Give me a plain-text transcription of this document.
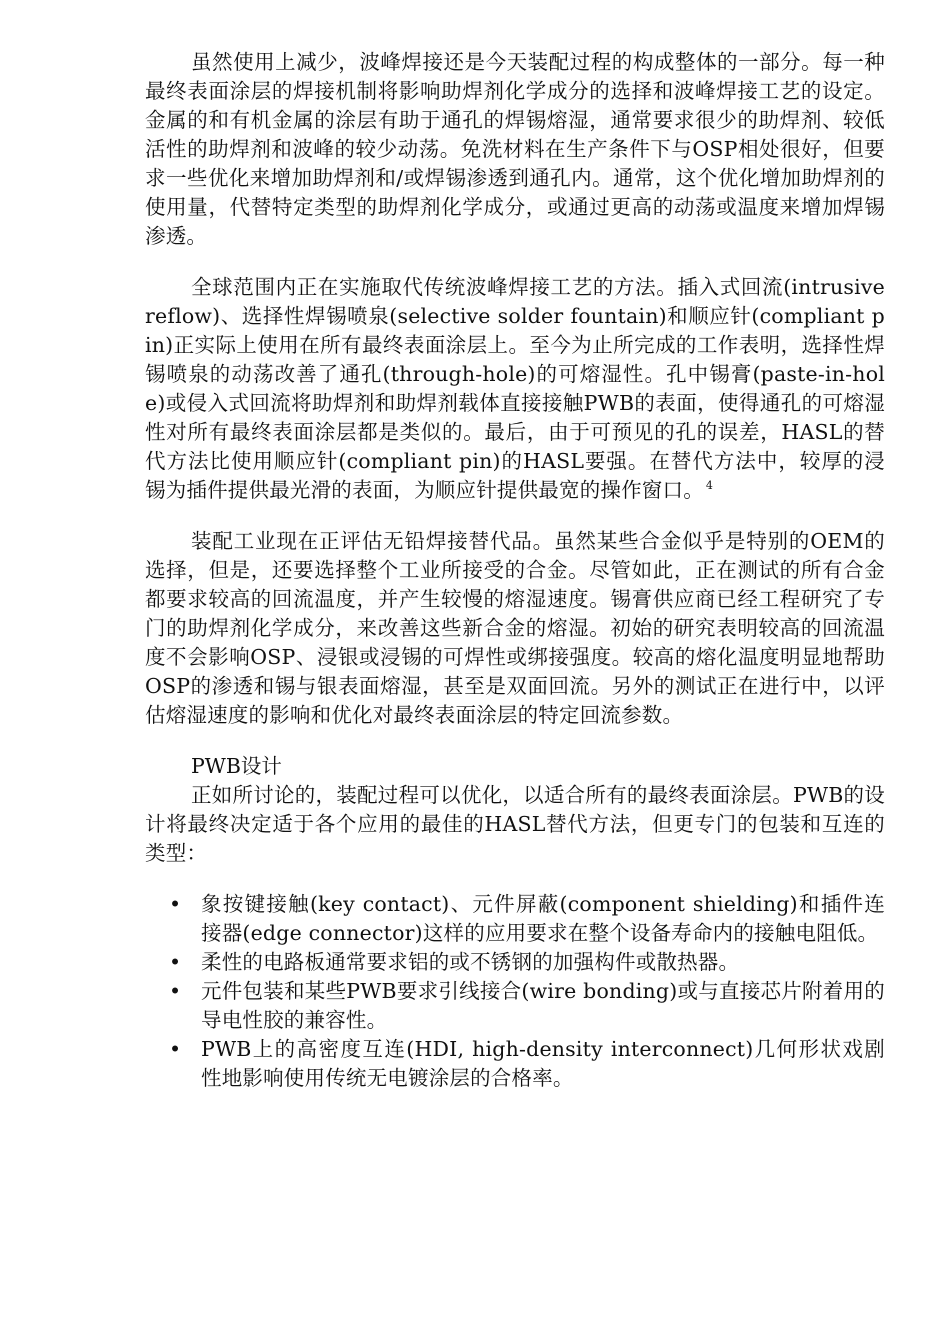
虽然使用上减少，波峰焊接还是今天装配过程的构成整体的一部分。每一种最终表面涂层的焊接机制将影响助焊剂化学成分的选择和波峰焊接工艺的设定。金属的和有机金属的涂层有助于通孔的焊锡熔湿，通常要求很少的助焊剂、较低活性的助焊剂和波峰的较少动荡。免洗材料在生产条件下与OSP相处很好，但要求一些优化来增加助焊剂和/或焊锡渗透到通孔内。通常，这个优化增加助焊剂的使用量，代替特定类型的助焊剂化学成分，或通过更高的动荡或温度来增加焊锡渗透。

全球范围内正在实施取代传统波峰焊接工艺的方法。插入式回流(intrusive reflow)、选择性焊锡喷泉(selective solder fountain)和顺应针(compliant pin)正实际上使用在所有最终表面涂层上。至今为止所完成的工作表明，选择性焊锡喷泉的动荡改善了通孔(through-hole)的可熔湿性。孔中锡膏(paste-in-hole)或侵入式回流将助焊剂和助焊剂载体直接接触PWB的表面，使得通孔的可熔湿性对所有最终表面涂层都是类似的。最后，由于可预见的孔的误差，HASL的替代方法比使用顺应针(compliant pin)的HASL要强。在替代方法中，较厚的浸锡为插件提供最光滑的表面，为顺应针提供最宽的操作窗口。 $^4$

装配工业现在正评估无铅焊接替代品。虽然某些合金似乎是特别的OEM的选择，但是，还要选择整个工业所接受的合金。尽管如此，正在测试的所有合金都要求较高的回流温度，并产生较慢的熔湿速度。锡膏供应商已经工程研究了专门的助焊剂化学成分，来改善这些新合金的熔湿。初始的研究表明较高的回流温度不会影响OSP、浸银或浸锡的可焊性或绑接强度。较高的熔化温度明显地帮助OSP的渗透和锡与银表面熔湿，甚至是双面回流。另外的测试正在进行中，以评估熔湿速度的影响和优化对最终表面涂层的特定回流参数。

PWB设计

正如所讨论的，装配过程可以优化，以适合所有的最终表面涂层。PWB的设计将最终决定适于各个应用的最佳的HASL替代方法，但更专门的包装和互连的类型：

• 象按键接触(key contact)、元件屏蔽(component shielding)和插件连接器(edge connector)这样的应用要求在整个设备寿命内的接触电阻低。
• 柔性的电路板通常要求铝的或不锈钢的加强构件或散热器。
• 元件包装和某些PWB要求引线接合(wire bonding)或与直接芯片附着用的导电性胶的兼容性。
• PWB上的高密度互连(HDI, high-density interconnect)几何形状戏剧性地影响使用传统无电镀涂层的合格率。
